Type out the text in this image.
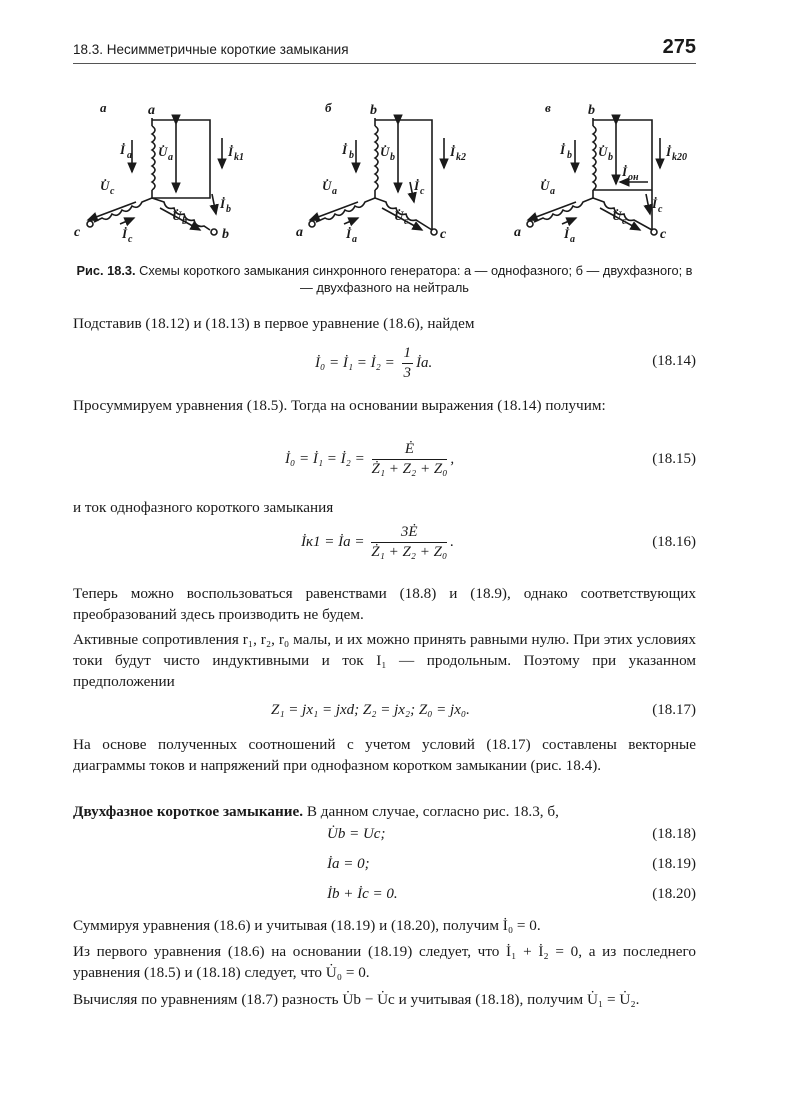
18.3. Несимметричные короткие замыкания	275
а	a
İ a U̇ a	İ k1
U̇ c
İ b
U̇ b
İ c
c	b
б	b
İ b U̇ b	İ k2
U̇ a	İ c
U̇ c
İ a
a	c
в	b
İ b U̇ b
İ он
İ k20
U̇ a
İ c
U̇ c
İ a
a	c
Рис. 18.3. Схемы короткого замыкания синхронного генератора: а — однофазного; б — двухфазного; в — двухфазного на нейтраль
Подставив (18.12) и (18.13) в первое уравнение (18.6), найдем
İ₀ = İ₁ = İ₂ = $\frac{1}{3}$ İa.	(18.14)
Просуммируем уравнения (18.5). Тогда на основании выражения (18.14) получим:
İ₀ = İ₁ = İ₂ = $\frac{Ė}{\text{Ż₁ + Z₂ + Z₀}}$ ,	(18.15)
и ток однофазного короткого замыкания
İк1 = İa = $\frac{3Ė}{\text{Ż₁ + Z₂ + Z₀}}$ .	(18.16)
Теперь можно воспользоваться равенствами (18.8) и (18.9), однако соответствующих преобразований здесь производить не будем.
Активные сопротивления r₁, r₂, r₀ малы, и их можно принять равными нулю. При этих условиях токи будут чисто индуктивными и ток I₁ — продольным. Поэтому при указанном предположении
Z₁ = jx₁ = jxd; Z₂ = jx₂; Z₀ = jx₀.	(18.17)
На основе полученных соотношений с учетом условий (18.17) составлены векторные диаграммы токов и напряжений при однофазном коротком замыкании (рис. 18.4).
Двухфазное короткое замыкание. В данном случае, согласно рис. 18.3, б,
U̇b = Uc;	(18.18)
İa = 0;	(18.19)
İb + İc = 0.	(18.20)
Суммируя уравнения (18.6) и учитывая (18.19) и (18.20), получим İ₀ = 0.
Из первого уравнения (18.6) на основании (18.19) следует, что İ₁ + İ₂ = 0, а из последнего уравнения (18.5) и (18.18) следует, что U̇₀ = 0.
Вычисляя по уравнениям (18.7) разность U̇b − U̇c и учитывая (18.18), получим U̇₁ = U̇₂.
